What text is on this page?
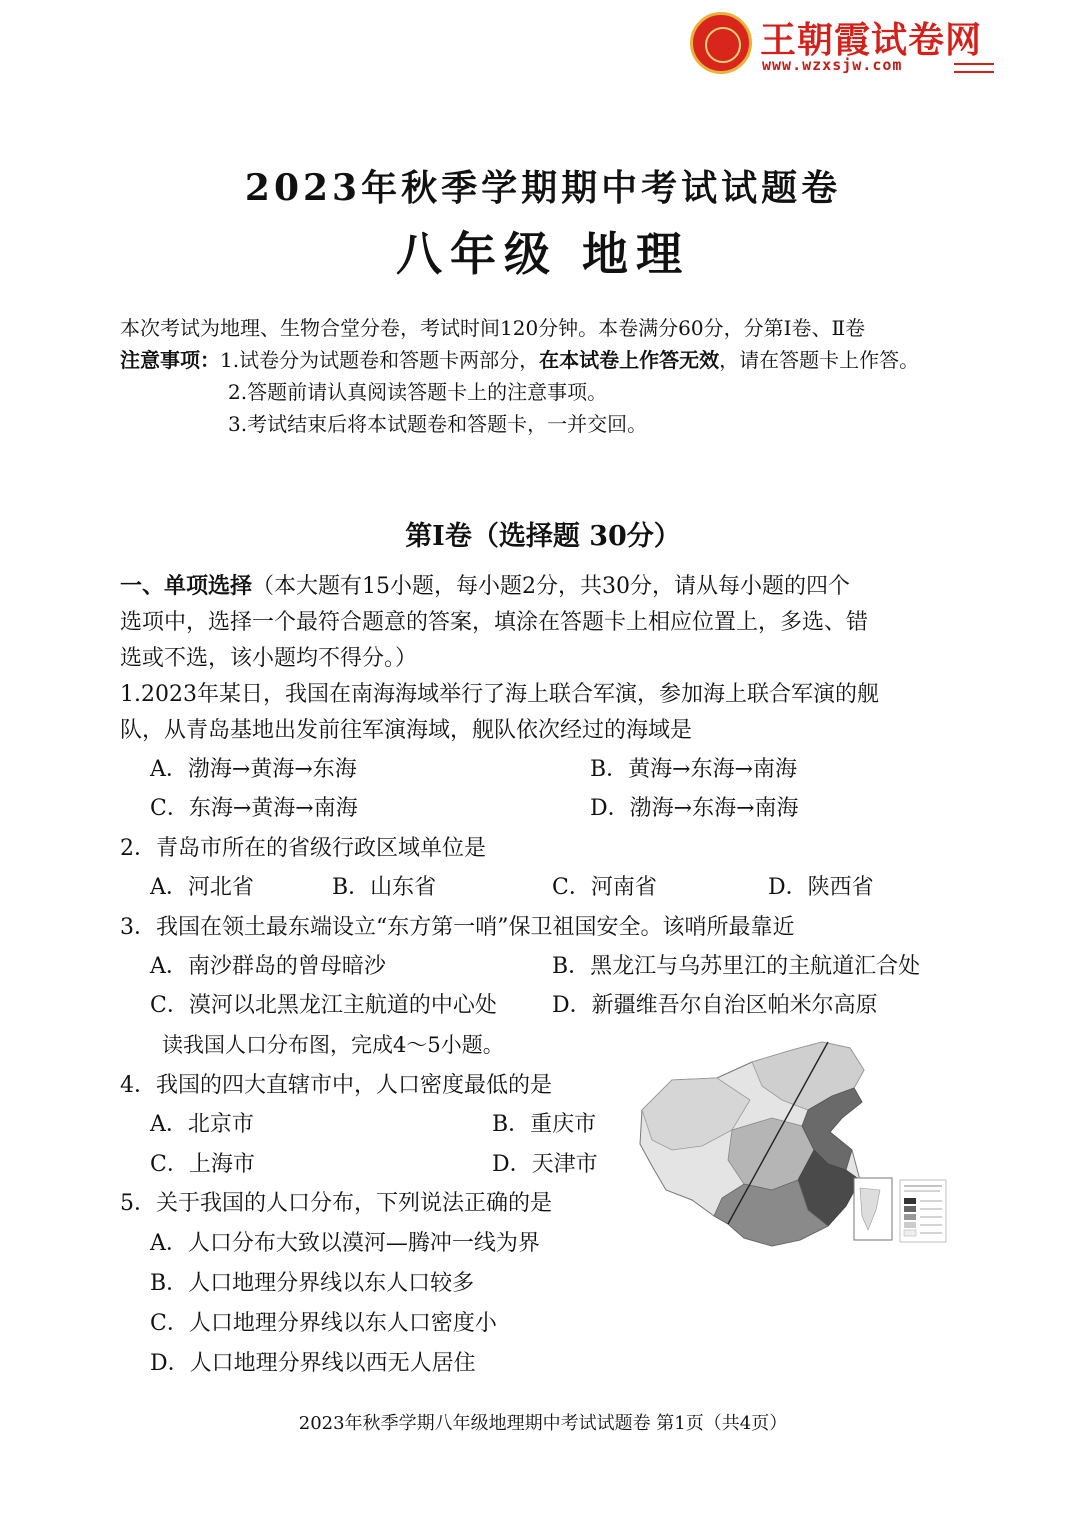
王朝霞试卷网
www.wzxsjw.com
2023年秋季学期期中考试试题卷
八年级 地理
本次考试为地理、生物合堂分卷，考试时间120分钟。本卷满分60分，分第Ⅰ卷、Ⅱ卷
注意事项：1.试卷分为试题卷和答题卡两部分，在本试卷上作答无效，请在答题卡上作答。
2.答题前请认真阅读答题卡上的注意事项。
3.考试结束后将本试题卷和答题卡，一并交回。
第Ⅰ卷（选择题 30分）
一、单项选择（本大题有15小题，每小题2分，共30分，请从每小题的四个
选项中，选择一个最符合题意的答案，填涂在答题卡上相应位置上，多选、错
选或不选，该小题均不得分。）
1.2023年某日，我国在南海海域举行了海上联合军演，参加海上联合军演的舰
队，从青岛基地出发前往军演海域，舰队依次经过的海域是
A．渤海→黄海→东海	B．黄海→东海→南海
C．东海→黄海→南海	D．渤海→东海→南海
2．青岛市所在的省级行政区域单位是
A．河北省	B．山东省	C．河南省	D．陕西省
3．我国在领土最东端设立“东方第一哨”保卫祖国安全。该哨所最靠近
A．南沙群岛的曾母暗沙	B．黑龙江与乌苏里江的主航道汇合处
C．漠河以北黑龙江主航道的中心处	D．新疆维吾尔自治区帕米尔高原
读我国人口分布图，完成4～5小题。
4．我国的四大直辖市中，人口密度最低的是
A．北京市	B．重庆市
C．上海市	D．天津市
5．关于我国的人口分布，下列说法正确的是
A．人口分布大致以漠河—腾冲一线为界
B．人口地理分界线以东人口较多
C．人口地理分界线以东人口密度小
D．人口地理分界线以西无人居住
2023年秋季学期八年级地理期中考试试题卷 第1页（共4页）
